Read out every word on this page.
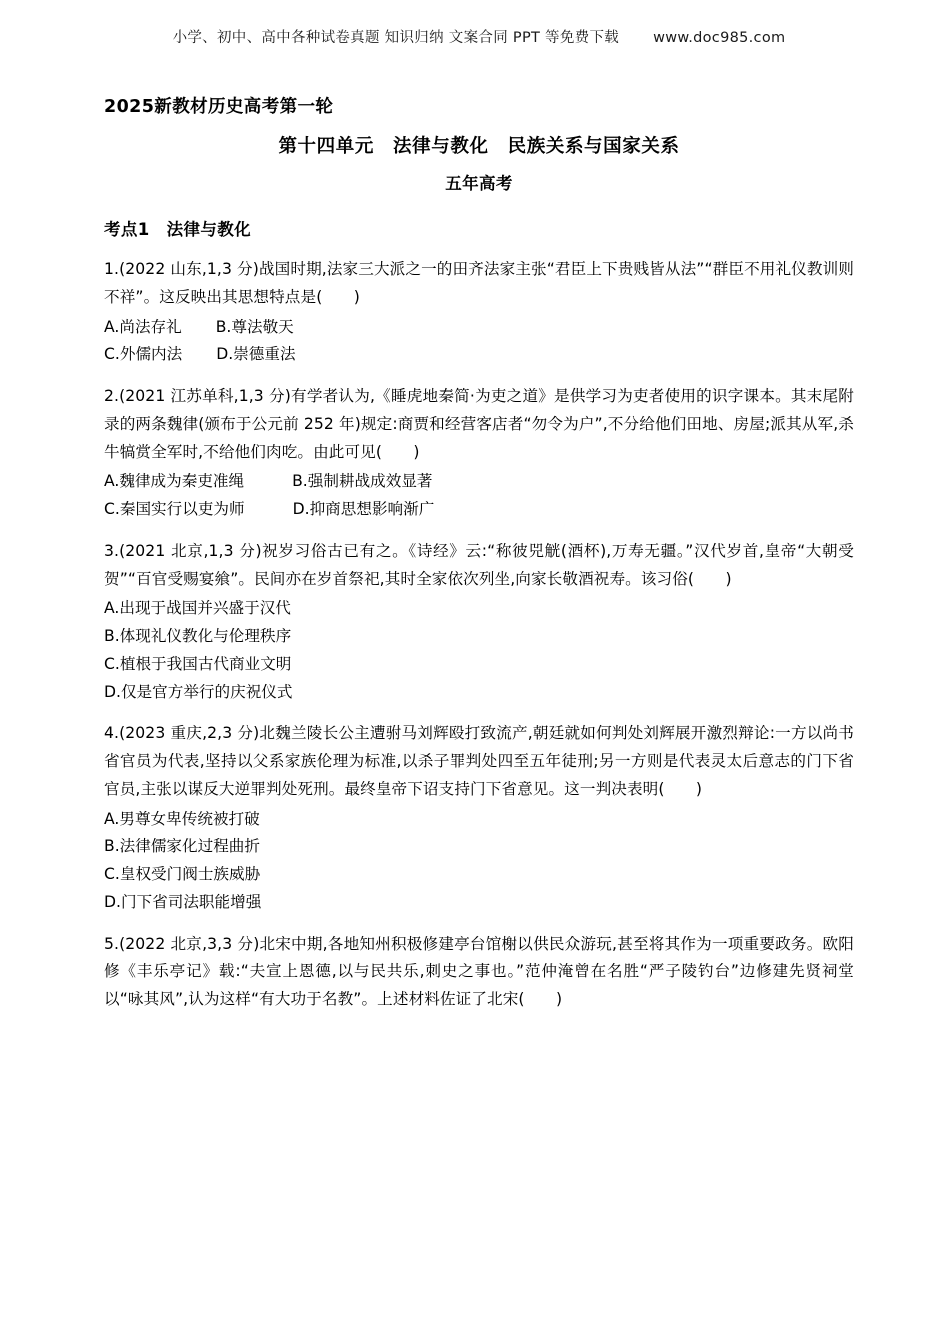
小学、初中、高中各种试卷真题 知识归纳 文案合同 PPT 等免费下载 www.doc985.com
2025新教材历史高考第一轮
第十四单元　法律与教化　民族关系与国家关系
五年高考
考点1　法律与教化
1.(2022 山东,1,3 分)战国时期,法家三大派之一的田齐法家主张“君臣上下贵贱皆从法”“群臣不用礼仪教训则不祥”。这反映出其思想特点是(　　)
A.尚法存礼 B.尊法敬天
C.外儒内法 D.崇德重法
2.(2021 江苏单科,1,3 分)有学者认为,《睡虎地秦简·为吏之道》是供学习为吏者使用的识字课本。其末尾附录的两条魏律(颁布于公元前 252 年)规定:商贾和经营客店者“勿令为户”,不分给他们田地、房屋;派其从军,杀牛犒赏全军时,不给他们肉吃。由此可见(　　)
A.魏律成为秦吏准绳	B.强制耕战成效显著
C.秦国实行以吏为师	D.抑商思想影响渐广
3.(2021 北京,1,3 分)祝岁习俗古已有之。《诗经》云:“称彼兕觥(酒杯),万寿无疆。”汉代岁首,皇帝“大朝受贺”“百官受赐宴飨”。民间亦在岁首祭祀,其时全家依次列坐,向家长敬酒祝寿。该习俗(　　)
A.出现于战国并兴盛于汉代
B.体现礼仪教化与伦理秩序
C.植根于我国古代商业文明
D.仅是官方举行的庆祝仪式
4.(2023 重庆,2,3 分)北魏兰陵长公主遭驸马刘辉殴打致流产,朝廷就如何判处刘辉展开激烈辩论:一方以尚书省官员为代表,坚持以父系家族伦理为标准,以杀子罪判处四至五年徒刑;另一方则是代表灵太后意志的门下省官员,主张以谋反大逆罪判处死刑。最终皇帝下诏支持门下省意见。这一判决表明(　　)
A.男尊女卑传统被打破
B.法律儒家化过程曲折
C.皇权受门阀士族威胁
D.门下省司法职能增强
5.(2022 北京,3,3 分)北宋中期,各地知州积极修建亭台馆榭以供民众游玩,甚至将其作为一项重要政务。欧阳修《丰乐亭记》载:“夫宣上恩德,以与民共乐,刺史之事也。”范仲淹曾在名胜“严子陵钓台”边修建先贤祠堂以“咏其风”,认为这样“有大功于名教”。上述材料佐证了北宋(　　)
